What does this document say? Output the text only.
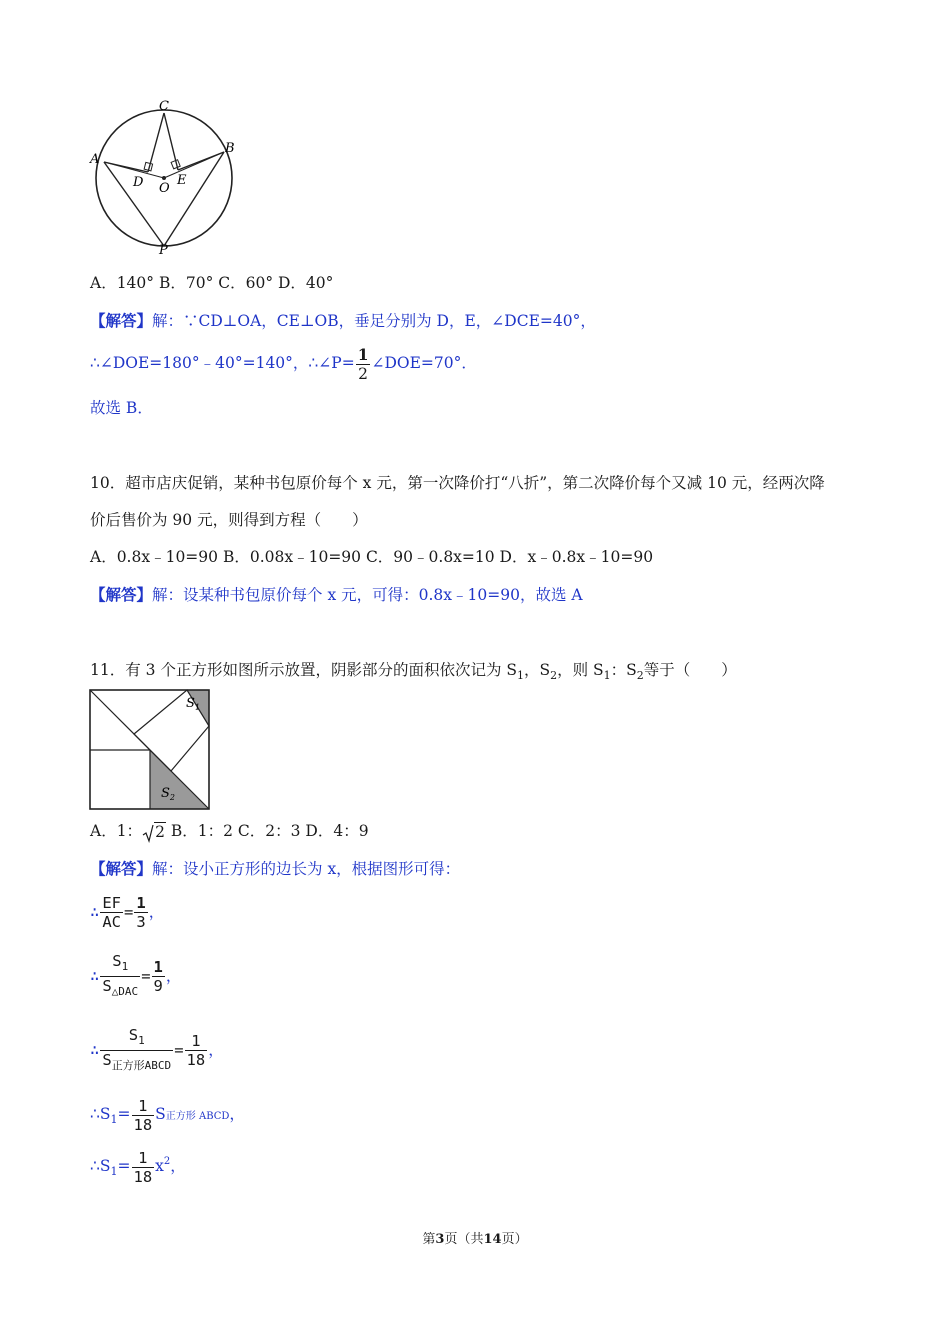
C
A
B
D O
E
P
A．140° B．70° C．60° D．40°
【解答】解：∵CD⊥OA，CE⊥OB，垂足分别为 D，E，∠DCE=40°，
∴∠DOE=180°﹣40°=140°，∴∠P= $\frac{1}{2}$ ∠DOE=70°．
故选 B．
10．超市店庆促销，某种书包原价每个 x 元，第一次降价打“八折”，第二次降价每个又减 10 元，经两次降
价后售价为 90 元，则得到方程（　　）
A．0.8x﹣10=90 B．0.08x﹣10=90 C．90﹣0.8x=10 D．x﹣0.8x﹣10=90
【解答】解：设某种书包原价每个 x 元，可得：0.8x﹣10=90，故选 A
11．有 3 个正方形如图所示放置，阴影部分的面积依次记为 $S_1$，$S_2$，则 $S_1$：$S_2$等于（　　）
$S_1$
$S_2$
A．1： 2 B．1：2 C．2：3 D．4：9
【解答】解：设小正方形的边长为 x，根据图形可得：
∴ $\frac{EF}{AC} = \frac{1}{3}$ ，
∴ $\frac{S_1}{S_{\triangle DAC}} = \frac{1}{9}$ ，
∴ $\frac{S_1}{S_{正方形ABCD}} = \frac{1}{18}$ ，
$\therefore S_1= \frac{1}{18}$ S正方形 ABCD，
$\therefore S_1= \frac{1}{18} x^2$，
第3页（共14页）
